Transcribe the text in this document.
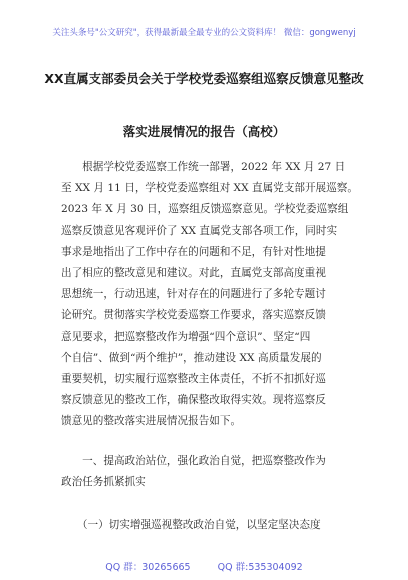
关注头条号"公文研究"，获得最新最全最专业的公文资料库！ 微信：gongwenyj
XX直属支部委员会关于学校党委巡察组巡察反馈意见整改
落实进展情况的报告（高校）
　　根据学校党委巡察工作统一部署，2022 年 XX 月 27 日
至 XX 月 11 日，学校党委巡察组对 XX 直属党支部开展巡察。
2023 年 X 月 30 日，巡察组反馈巡察意见。学校党委巡察组
巡察反馈意见客观评价了 XX 直属党支部各项工作，同时实
事求是地指出了工作中存在的问题和不足，有针对性地提
出了相应的整改意见和建议。对此，直属党支部高度重视
思想统一，行动迅速，针对存在的问题进行了多轮专题讨
论研究。贯彻落实学校党委巡察工作要求，落实巡察反馈
意见要求，把巡察整改作为增强“四个意识”、坚定“四
个自信”、做到“两个维护”，推动建设 XX 高质量发展的
重要契机，切实履行巡察整改主体责任，不折不扣抓好巡
察反馈意见的整改工作，确保整改取得实效。现将巡察反
馈意见的整改落实进展情况报告如下。
　　一、提高政治站位，强化政治自觉，把巡察整改作为
政治任务抓紧抓实
　　（一）切实增强巡视整改政治自觉，以坚定坚决态度
QQ 群：30265665	QQ 群:535304092
